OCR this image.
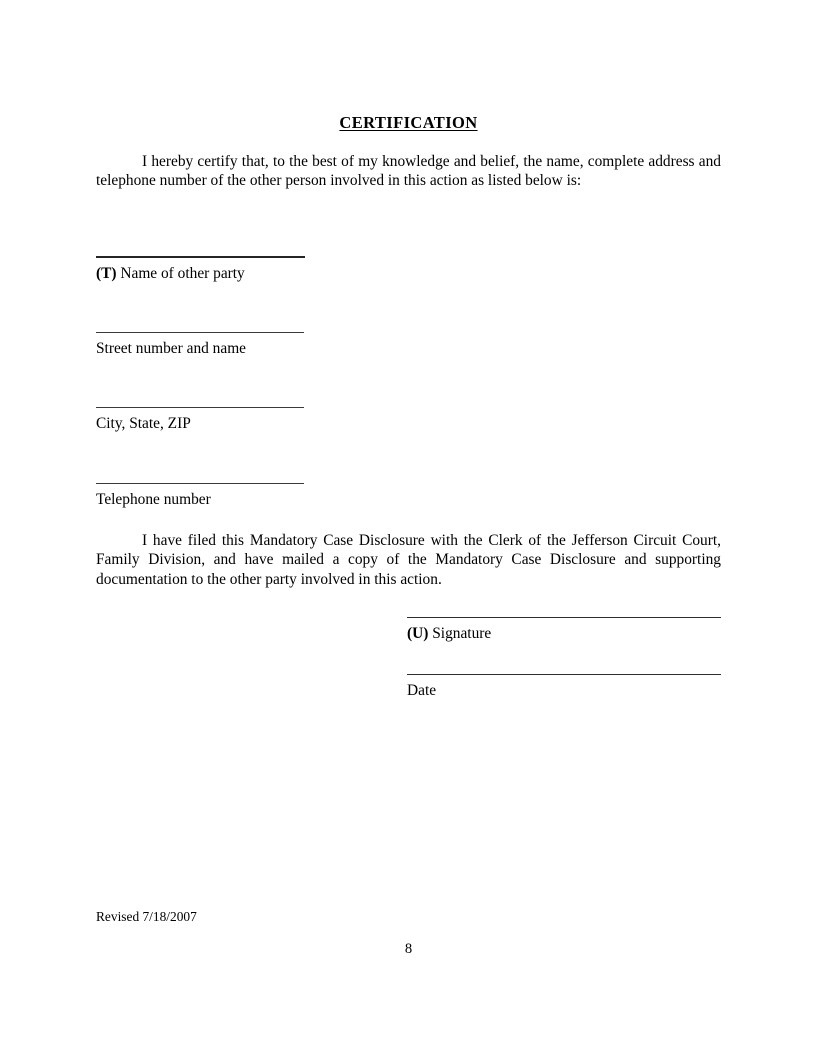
CERTIFICATION
I hereby certify that, to the best of my knowledge and belief, the name, complete address and telephone number of the other person involved in this action as listed below is:
(T) Name of other party
Street number and name
City, State, ZIP
Telephone number
I have filed this Mandatory Case Disclosure with the Clerk of the Jefferson Circuit Court, Family Division, and have mailed a copy of the Mandatory Case Disclosure and supporting documentation to the other party involved in this action.
(U) Signature
Date
Revised 7/18/2007
8
